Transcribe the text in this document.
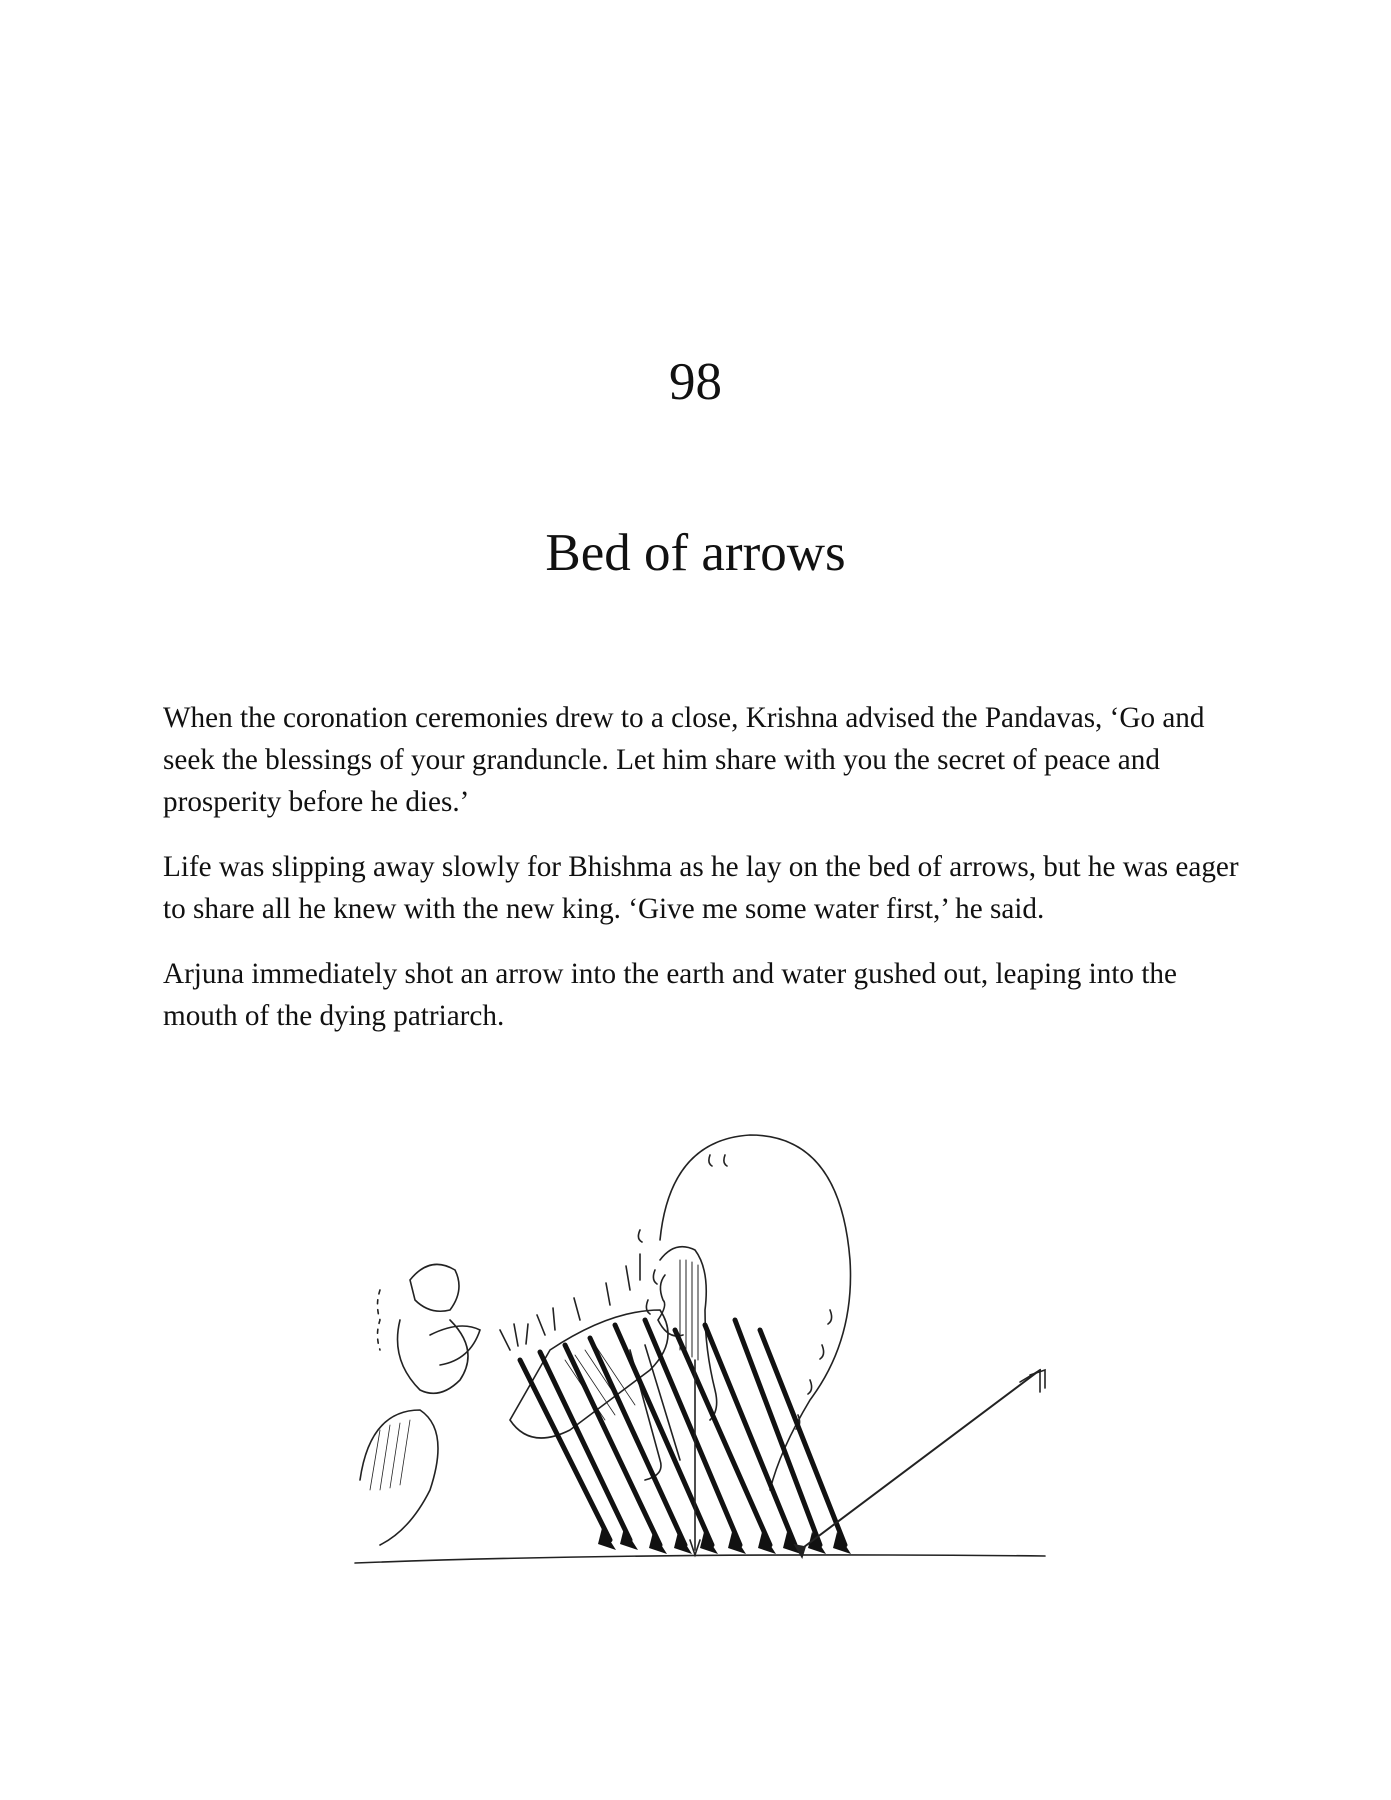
98
Bed of arrows

When the coronation ceremonies drew to a close, Krishna advised the Pandavas, ‘Go and seek the blessings of your granduncle. Let him share with you the secret of peace and prosperity before he dies.’

Life was slipping away slowly for Bhishma as he lay on the bed of arrows, but he was eager to share all he knew with the new king. ‘Give me some water first,’ he said.

Arjuna immediately shot an arrow into the earth and water gushed out, leaping into the mouth of the dying patriarch.
